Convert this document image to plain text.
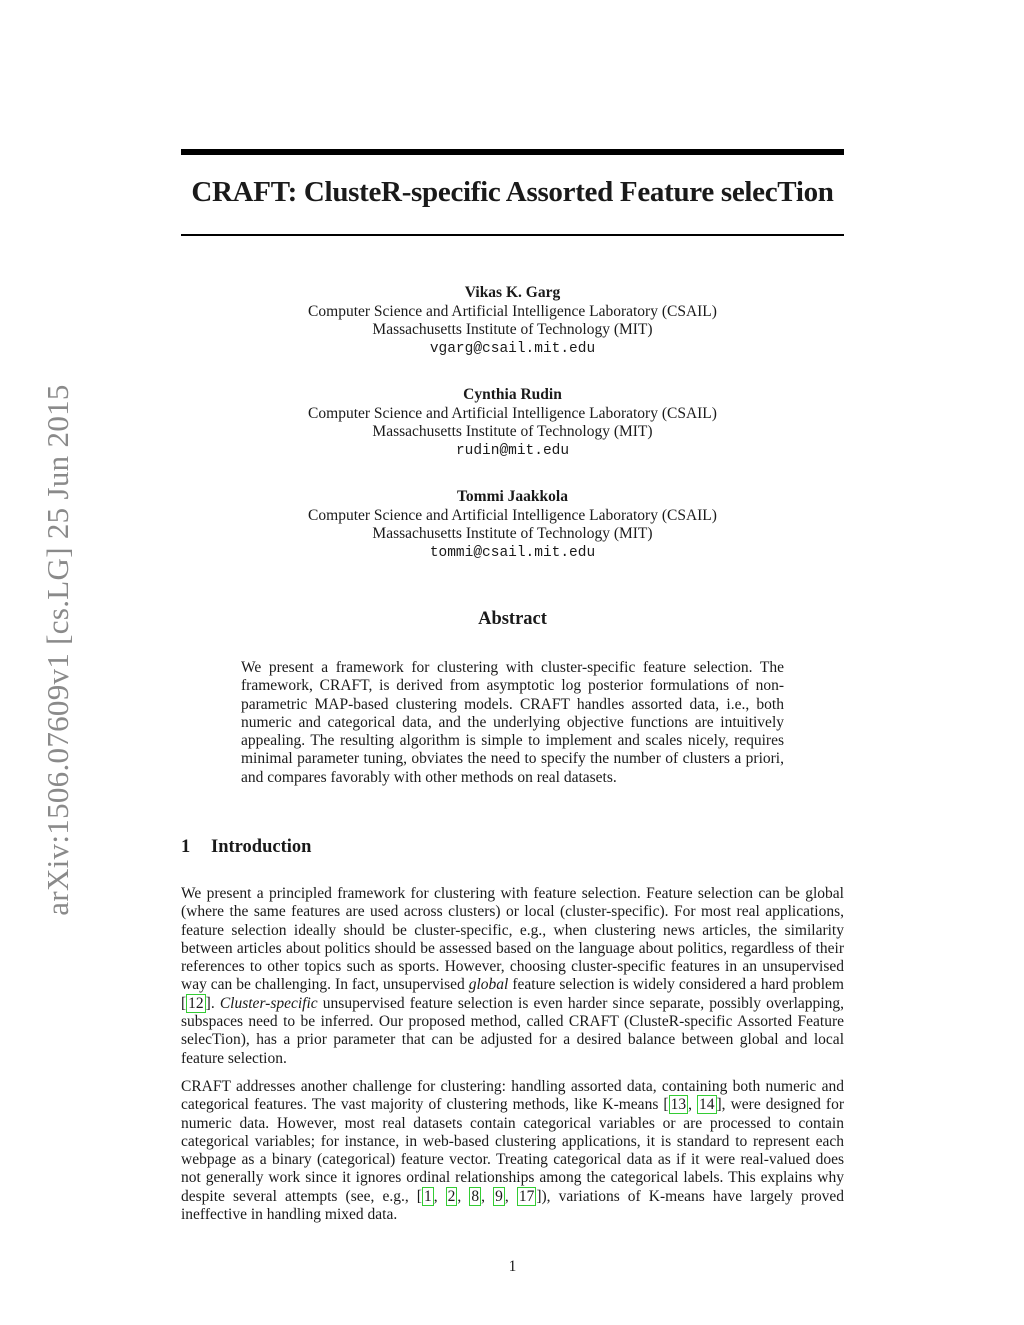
CRAFT: ClusteR-specific Assorted Feature selecTion
arXiv:1506.07609v1 [cs.LG] 25 Jun 2015
Vikas K. Garg
Computer Science and Artificial Intelligence Laboratory (CSAIL)
Massachusetts Institute of Technology (MIT)
vgarg@csail.mit.edu
Cynthia Rudin
Computer Science and Artificial Intelligence Laboratory (CSAIL)
Massachusetts Institute of Technology (MIT)
rudin@mit.edu
Tommi Jaakkola
Computer Science and Artificial Intelligence Laboratory (CSAIL)
Massachusetts Institute of Technology (MIT)
tommi@csail.mit.edu
Abstract
We present a framework for clustering with cluster-specific feature selection. The framework, CRAFT, is derived from asymptotic log posterior formulations of non-parametric MAP-based clustering models. CRAFT handles assorted data, i.e., both numeric and categorical data, and the underlying objective functions are intuitively appealing. The resulting algorithm is simple to implement and scales nicely, requires minimal parameter tuning, obviates the need to specify the number of clusters a priori, and compares favorably with other methods on real datasets.
1 Introduction

We present a principled framework for clustering with feature selection. Feature selection can be global (where the same features are used across clusters) or local (cluster-specific). For most real applications, feature selection ideally should be cluster-specific, e.g., when clustering news articles, the similarity between articles about politics should be assessed based on the language about politics, regardless of their references to other topics such as sports. However, choosing cluster-specific features in an unsupervised way can be challenging. In fact, unsupervised global feature selection is widely considered a hard problem [ 12 ]. Cluster-specific unsupervised feature selection is even harder since separate, possibly overlapping, subspaces need to be inferred. Our proposed method, called CRAFT (ClusteR-specific Assorted Feature selecTion), has a prior parameter that can be adjusted for a desired balance between global and local feature selection.

CRAFT addresses another challenge for clustering: handling assorted data, containing both numeric and categorical features. The vast majority of clustering methods, like K-means [ 13 , 14 ], were designed for numeric data. However, most real datasets contain categorical variables or are processed to contain categorical variables; for instance, in web-based clustering applications, it is standard to represent each webpage as a binary (categorical) feature vector. Treating categorical data as if it were real-valued does not generally work since it ignores ordinal relationships among the categorical labels. This explains why despite several attempts (see, e.g., [ 1 , 2 , 8 , 9 , 17 ]), variations of K-means have largely proved ineffective in handling mixed data.

1
